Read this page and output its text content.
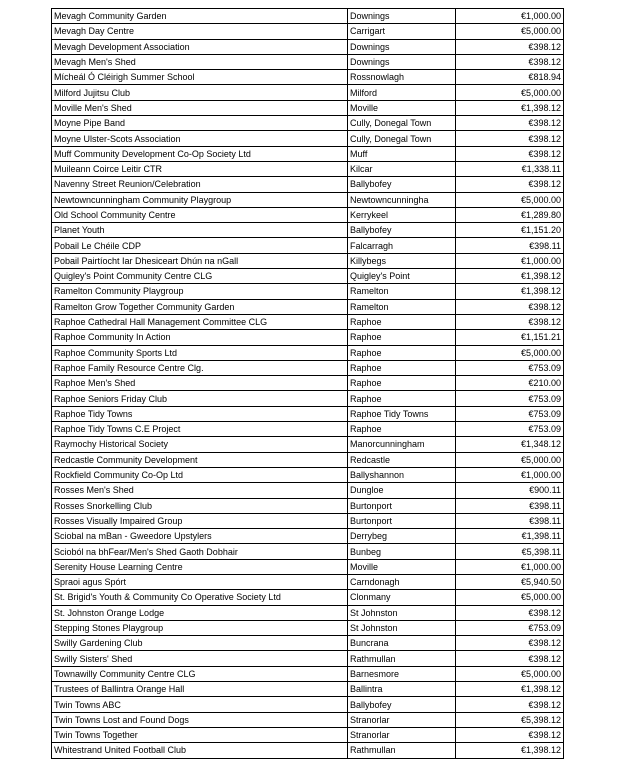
Mevagh Community Garden	Downings	€1,000.00
Mevagh Day Centre	Carrigart	€5,000.00
Mevagh Development Association	Downings	€398.12
Mevagh Men's Shed	Downings	€398.12
Mícheál Ó Cléirigh Summer School	Rossnowlagh	€818.94
Milford Jujitsu Club	Milford	€5,000.00
Moville Men's Shed	Moville	€1,398.12
Moyne Pipe Band	Cully, Donegal Town	€398.12
Moyne Ulster-Scots Association	Cully, Donegal Town	€398.12
Muff Community Development Co-Op Society Ltd	Muff	€398.12
Muileann Coirce Leitir CTR	Kilcar	€1,338.11
Navenny Street Reunion/Celebration	Ballybofey	€398.12
Newtowncunningham Community Playgroup	Newtowncunningha	€5,000.00
Old School Community Centre	Kerrykeel	€1,289.80
Planet Youth	Ballybofey	€1,151.20
Pobail Le Chéile CDP	Falcarragh	€398.11
Pobail Pairtíocht Iar Dhesiceart Dhún na nGall	Killybegs	€1,000.00
Quigley's Point Community Centre CLG	Quigley's Point	€1,398.12
Ramelton Community Playgroup	Ramelton	€1,398.12
Ramelton Grow Together Community Garden	Ramelton	€398.12
Raphoe Cathedral Hall Management Committee CLG	Raphoe	€398.12
Raphoe Community In Action	Raphoe	€1,151.21
Raphoe Community Sports Ltd	Raphoe	€5,000.00
Raphoe Family Resource Centre Clg.	Raphoe	€753.09
Raphoe Men's Shed	Raphoe	€210.00
Raphoe Seniors Friday Club	Raphoe	€753.09
Raphoe Tidy Towns	Raphoe Tidy Towns	€753.09
Raphoe Tidy Towns C.E Project	Raphoe	€753.09
Raymochy Historical Society	Manorcunningham	€1,348.12
Redcastle Community Development	Redcastle	€5,000.00
Rockfield Community Co-Op Ltd	Ballyshannon	€1,000.00
Rosses Men's Shed	Dungloe	€900.11
Rosses Snorkelling Club	Burtonport	€398.11
Rosses Visually Impaired Group	Burtonport	€398.11
Sciobal na mBan - Gweedore Upstylers	Derrybeg	€1,398.11
Scioból na bhFear/Men's Shed Gaoth Dobhair	Bunbeg	€5,398.11
Serenity House Learning Centre	Moville	€1,000.00
Spraoi agus Spórt	Carndonagh	€5,940.50
St. Brigid's Youth & Community Co Operative Society Ltd	Clonmany	€5,000.00
St. Johnston Orange Lodge	St Johnston	€398.12
Stepping Stones Playgroup	St Johnston	€753.09
Swilly Gardening Club	Buncrana	€398.12
Swilly Sisters' Shed	Rathmullan	€398.12
Townawilly Community Centre CLG	Barnesmore	€5,000.00
Trustees of Ballintra Orange Hall	Ballintra	€1,398.12
Twin Towns ABC	Ballybofey	€398.12
Twin Towns Lost and Found Dogs	Stranorlar	€5,398.12
Twin Towns Together	Stranorlar	€398.12
Whitestrand United Football Club	Rathmullan	€1,398.12
